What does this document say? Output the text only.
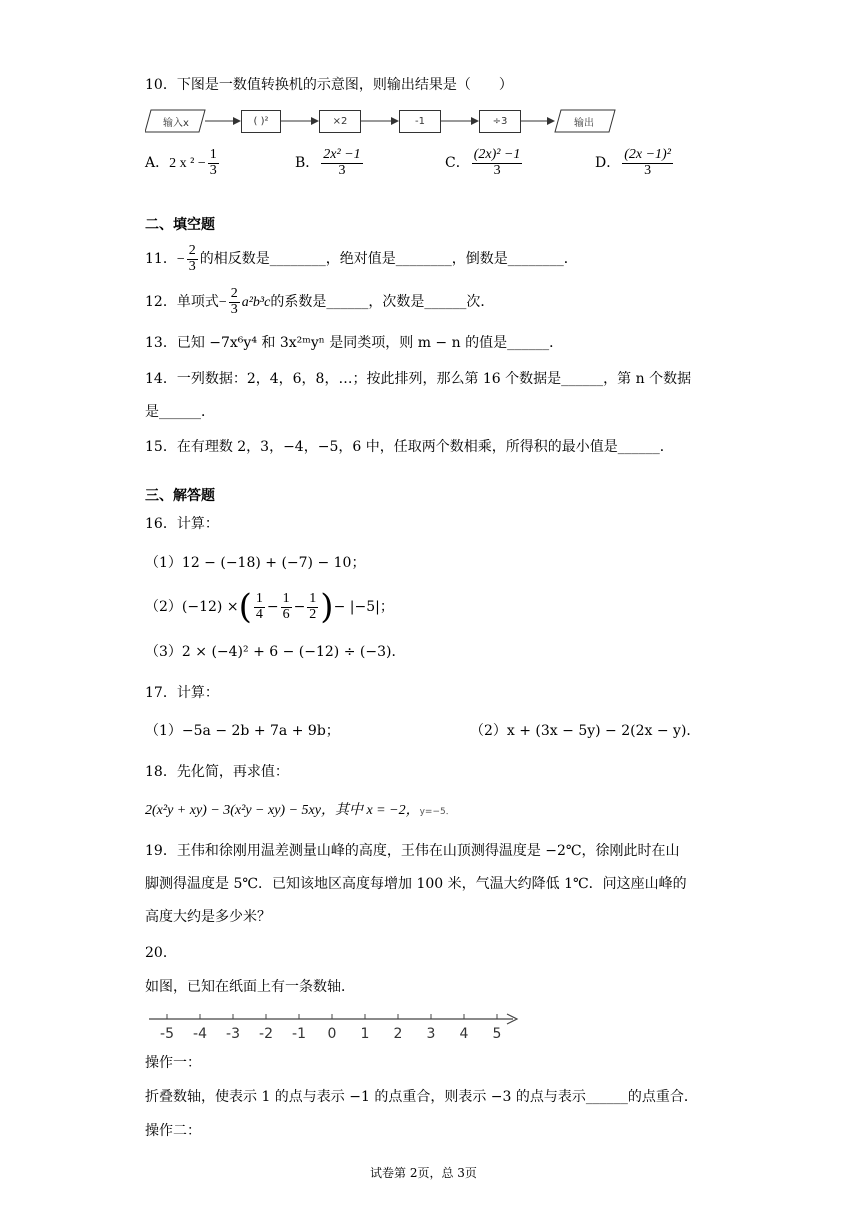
10．下图是一数值转换机的示意图，则输出结果是（　　）
输入x	( )²	×2	-1	÷3	输出
A．2 x $^2 - \frac{1}{3}$	B． $\frac{\text{2x² −1}}{3}$	C． $\frac{\text{(2x)² −1}}{3}$	D． $\frac{\text{(2x −1)²}}{3}$
二、填空题
11．− $\frac{2}{3}$ 的相反数是________，绝对值是________，倒数是________．
12．单项式− $\frac{2}{3} a^2b^3c$的系数是______，次数是______次．
13．已知 −7x⁶y⁴ 和 3x²ᵐyⁿ 是同类项，则 m − n 的值是______．
14．一列数据：2，4，6，8，…；按此排列，那么第 16 个数据是______，第 n 个数据
是______．
15．在有理数 2，3，−4，−5，6 中，任取两个数相乘，所得积的最小值是______．
三、解答题
16．计算：
（1）12 − (−18) + (−7) − 10；
（2）(−12) ×( $\frac{1}{4} - \frac{1}{6} - \frac{1}{2}$ )− |−5|；
（3）2 × (−4)² + 6 − (−12) ÷ (−3)．
17．计算：
（1）−5a − 2b + 7a + 9b；	（2）x + (3x − 5y) − 2(2x − y)．
18．先化简，再求值：
2(x²y + xy) − 3(x²y − xy) − 5xy，其中 x = −2，y=−5．
19．王伟和徐刚用温差测量山峰的高度，王伟在山顶测得温度是 −2℃，徐刚此时在山
脚测得温度是 5℃．已知该地区高度每增加 100 米，气温大约降低 1℃．问这座山峰的
高度大约是多少米？
20．
如图，已知在纸面上有一条数轴．
-5 -4 -3 -2 -1 0 1 2 3 4 5
操作一：
折叠数轴，使表示 1 的点与表示 −1 的点重合，则表示 −3 的点与表示______的点重合．
操作二：
试卷第 2页，总 3页
